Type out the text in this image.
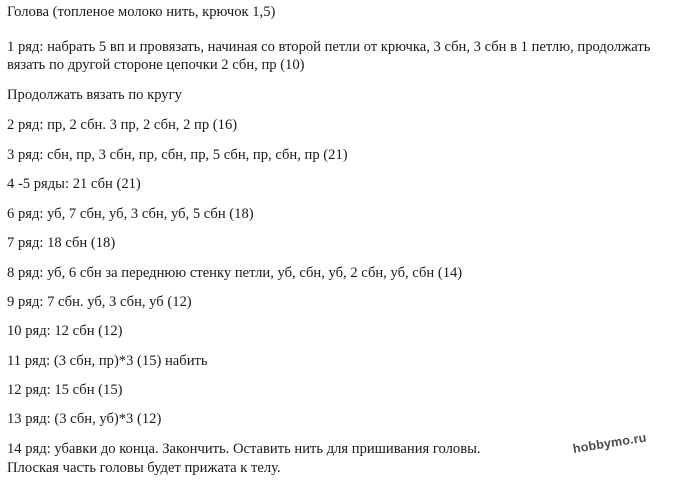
Голова (топленое молоко нить, крючок 1,5)
1 ряд: набрать 5 вп и провязать, начиная со второй петли от крючка, 3 сбн, 3 сбн в 1 петлю, продолжать
вязать по другой стороне цепочки 2 сбн, пр (10)
Продолжать вязать по кругу
2 ряд: пр, 2 сбн. 3 пр, 2 сбн, 2 пр (16)
3 ряд: сбн, пр, 3 сбн, пр, сбн, пр, 5 сбн, пр, сбн, пр (21)
4 -5 ряды: 21 сбн (21)
6 ряд: уб, 7 сбн, уб, 3 сбн, уб, 5 сбн (18)
7 ряд: 18 сбн (18)
8 ряд: уб, 6 сбн за переднюю стенку петли, уб, сбн, уб, 2 сбн, уб, сбн (14)
9 ряд: 7 сбн. уб, 3 сбн, уб (12)
10 ряд: 12 сбн (12)
11 ряд: (3 сбн, пр)*3 (15) набить
12 ряд: 15 сбн (15)
13 ряд: (3 сбн, уб)*3 (12)
14 ряд: убавки до конца. Закончить. Оставить нить для пришивания головы.
Плоская часть головы будет прижата к телу.
hobbymo.ru
